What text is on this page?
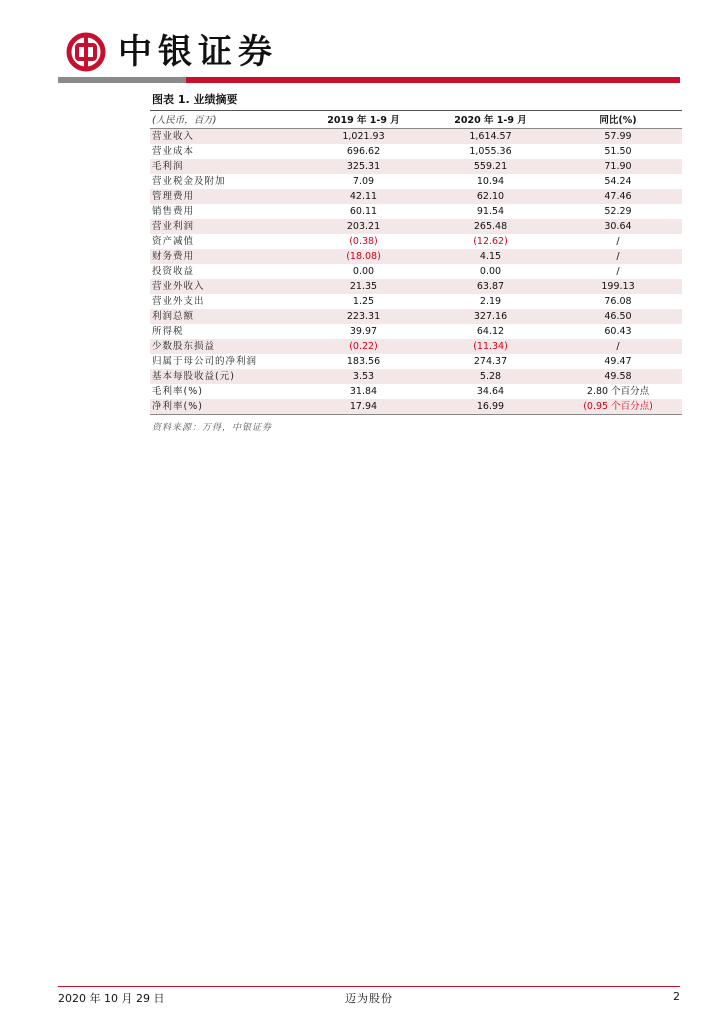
中银证券
图表 1. 业绩摘要
(人民币，百万)	2019 年 1-9 月	2020 年 1-9 月	同比(%)
营业收入	1,021.93	1,614.57	57.99
营业成本	696.62	1,055.36	51.50
毛利润	325.31	559.21	71.90
营业税金及附加	7.09	10.94	54.24
管理费用	42.11	62.10	47.46
销售费用	60.11	91.54	52.29
营业利润	203.21	265.48	30.64
资产减值	(0.38)	(12.62)	/
财务费用	(18.08)	4.15	/
投资收益	0.00	0.00	/
营业外收入	21.35	63.87	199.13
营业外支出	1.25	2.19	76.08
利润总额	223.31	327.16	46.50
所得税	39.97	64.12	60.43
少数股东损益	(0.22)	(11.34)	/
归属于母公司的净利润	183.56	274.37	49.47
基本每股收益(元)	3.53	5.28	49.58
毛利率(%)	31.84	34.64	2.80 个百分点
净利率(%)	17.94	16.99	(0.95 个百分点)
资料来源：万得，中银证券
2020 年 10 月 29 日	迈为股份	2
